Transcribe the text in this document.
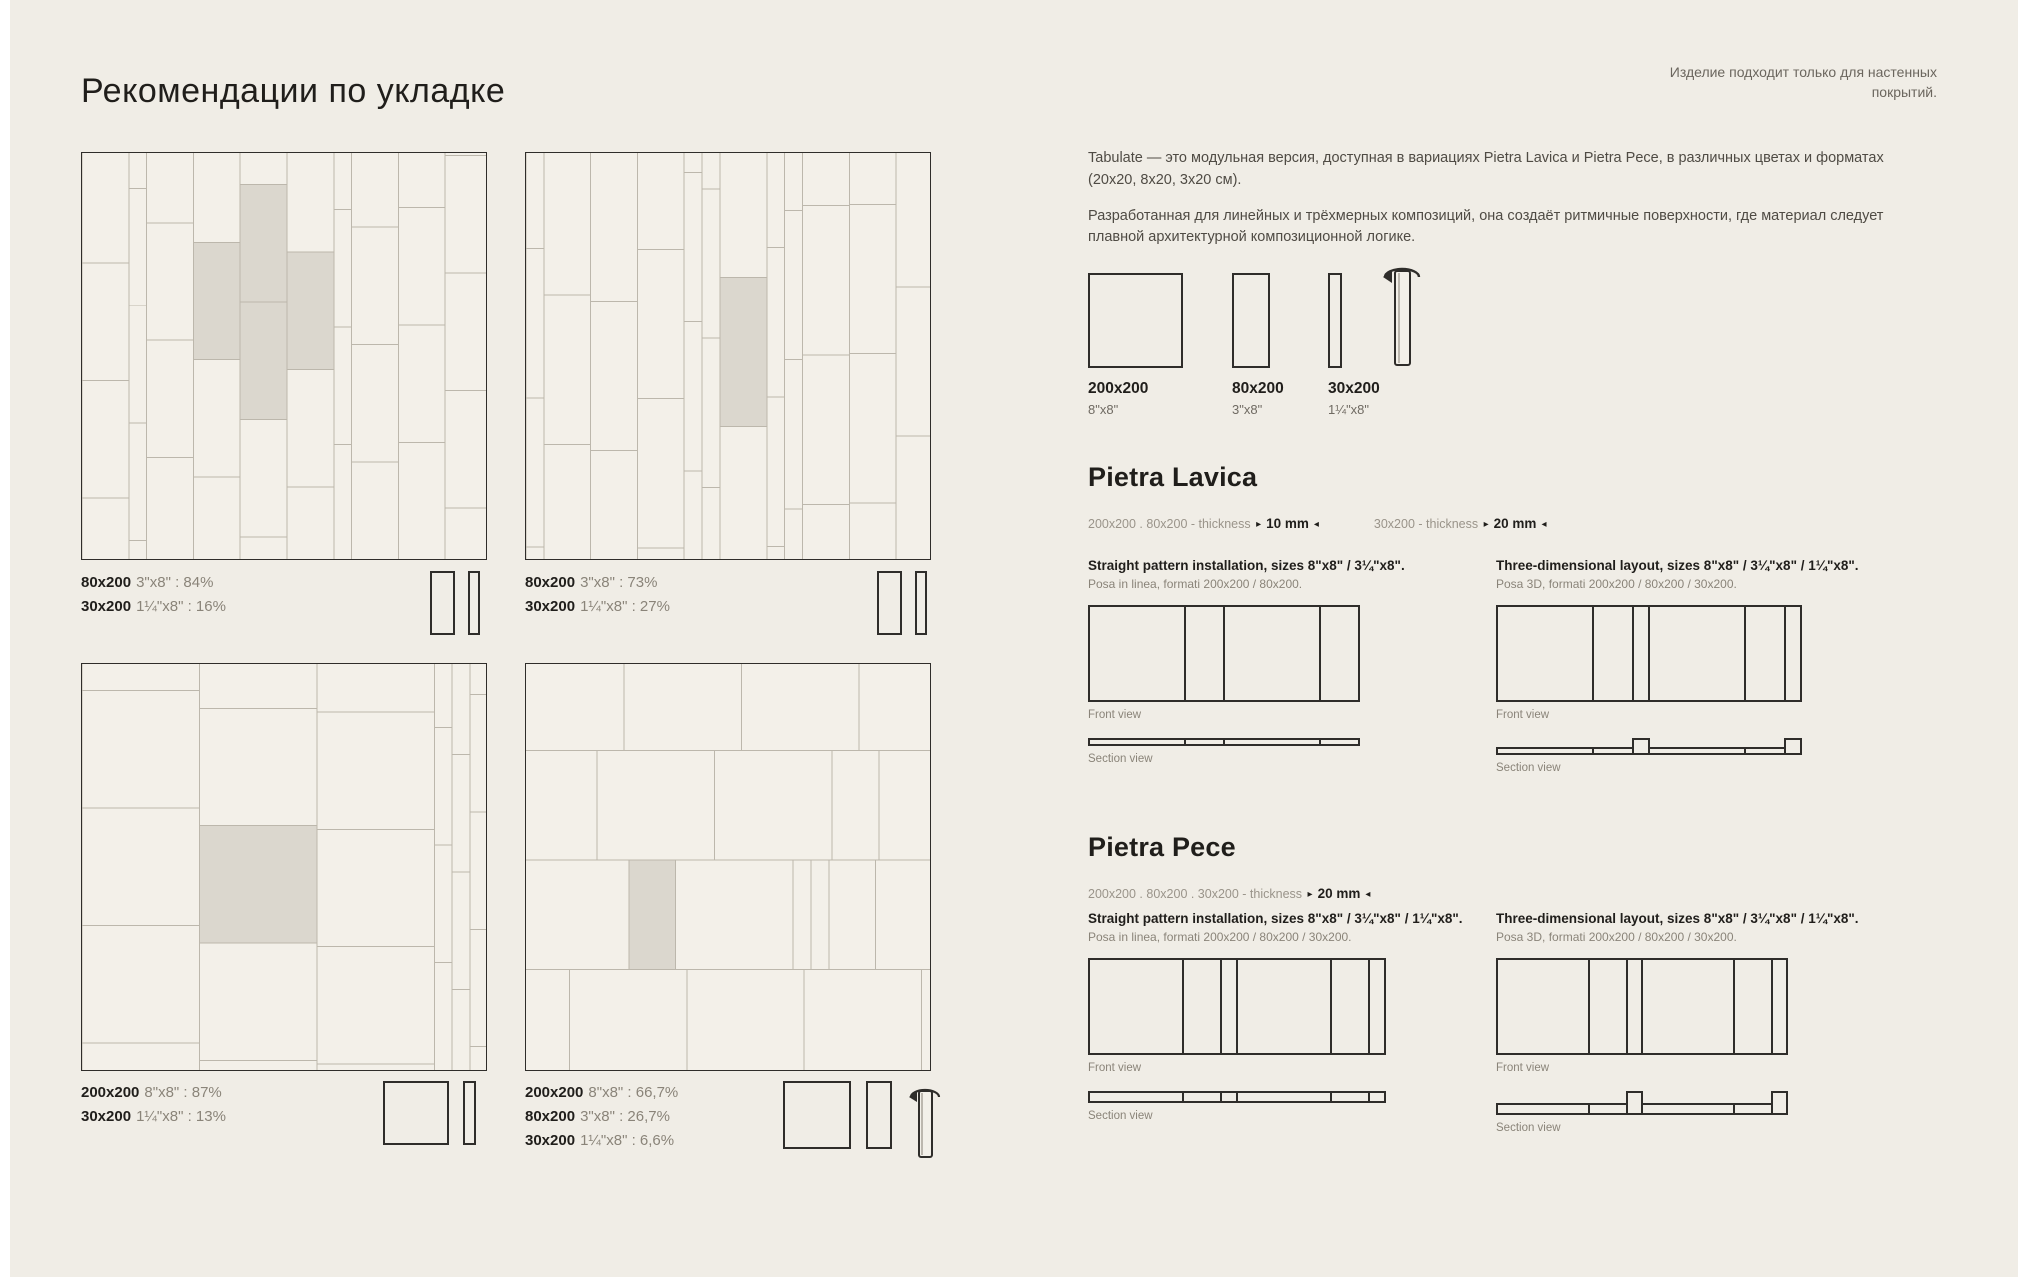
Рекомендации по укладке	Изделие подходит только для настенных покрытий.
80x200 3"x8" : 84%
30x200 1¼"x8" : 16%
80x200 3"x8" : 73%
30x200 1¼"x8" : 27%
200x200 8"x8" : 87%
30x200 1¼"x8" : 13%
200x200 8"x8" : 66,7%
80x200 3"x8" : 26,7%
30x200 1¼"x8" : 6,6%

Tabulate — это модульная версия, доступная в вариациях Pietra Lavica и Pietra Pece, в различных цветах и форматах (20x20, 8x20, 3x20 см).

Разработанная для линейных и трёхмерных композиций, она создаёт ритмичные поверхности, где материал следует плавной архитектурной композиционной логике.

200x200
8"x8"
80x200
3"x8"
30x200
1¼"x8"
Pietra Lavica
200x200 . 80x200 - thickness ▸ 10 mm ◂	30x200 - thickness ▸ 20 mm ◂

Straight pattern installation, sizes 8"x8" / 3¼"x8".

Posa in linea, formati 200x200 / 80x200.

Front view
Section view

Three-dimensional layout, sizes 8"x8" / 3¼"x8" / 1¼"x8".

Posa 3D, formati 200x200 / 80x200 / 30x200.

Front view
Section view
Pietra Pece
200x200 . 80x200 . 30x200 - thickness ▸ 20 mm ◂

Straight pattern installation, sizes 8"x8" / 3¼"x8" / 1¼"x8".

Posa in linea, formati 200x200 / 80x200 / 30x200.

Front view
Section view

Three-dimensional layout, sizes 8"x8" / 3¼"x8" / 1¼"x8".

Posa 3D, formati 200x200 / 80x200 / 30x200.

Front view
Section view
